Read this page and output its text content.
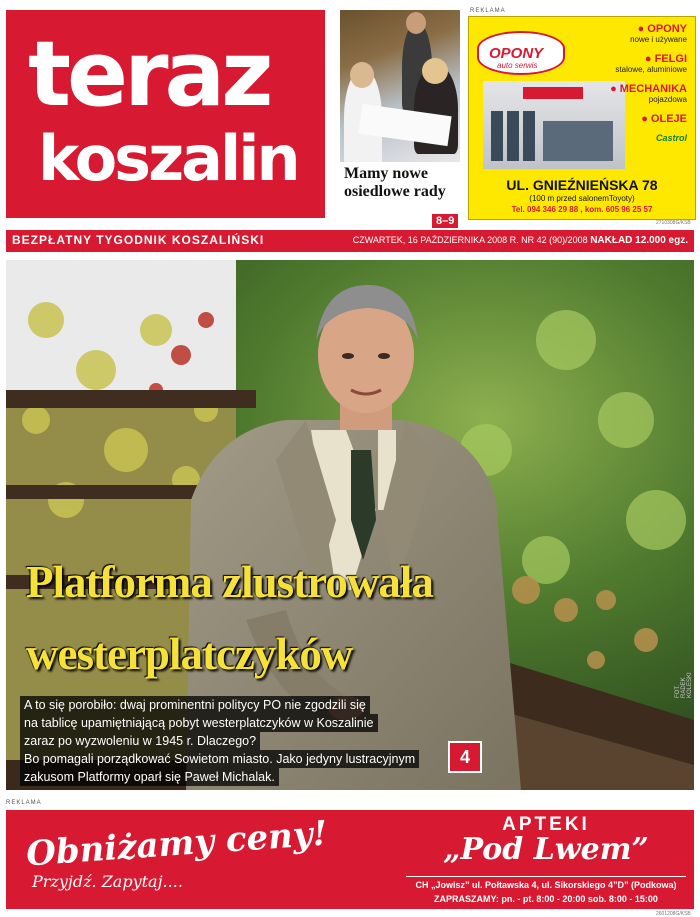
teraz
koszalin	Mamy nowe osiedlowe rady
8–9
REKLAMA
OPONY
auto serwis
● OPONY
nowe i używane
● FELGI
stalowe, aluminiowe
● MECHANIKA
pojazdowa
● OLEJE
Castrol
UL. GNIEŹNIEŃSKA 78
(100 m przed salonemToyoty)
Tel. 094 346 29 88 , kom. 605 96 25 57
2710308G/KSB
BEZPŁATNY TYGODNIK KOSZALIŃSKI	CZWARTEK, 16 PAŹDZIERNIKA 2008 R. NR 42 (90)/2008 NAKŁAD 12.000 egz.
Platforma zlustrowała
westerplatczyków
A to się porobiło: dwaj prominentni politycy PO nie zgodzili się
na tablicę upamiętniającą pobyt westerplatczyków w Koszalinie
zaraz po wyzwoleniu w 1945 r. Dlaczego?
Bo pomagali porządkować Sowietom miasto. Jako jedyny lustracyjnym
zakusom Platformy oparł się Paweł Michalak.
4
FOT. RADEK KOLESKI
REKLAMA
Obniżamy ceny!
Przyjdź. Zapytaj....
APTEKI
„Pod Lwem”
CH „Jowisz” ul. Połtawska 4, ul. Sikorskiego 4”D” (Podkowa)
ZAPRASZAMY: pn. - pt. 8:00 - 20:00 sob. 8:00 - 15:00
2601208G/KSB
